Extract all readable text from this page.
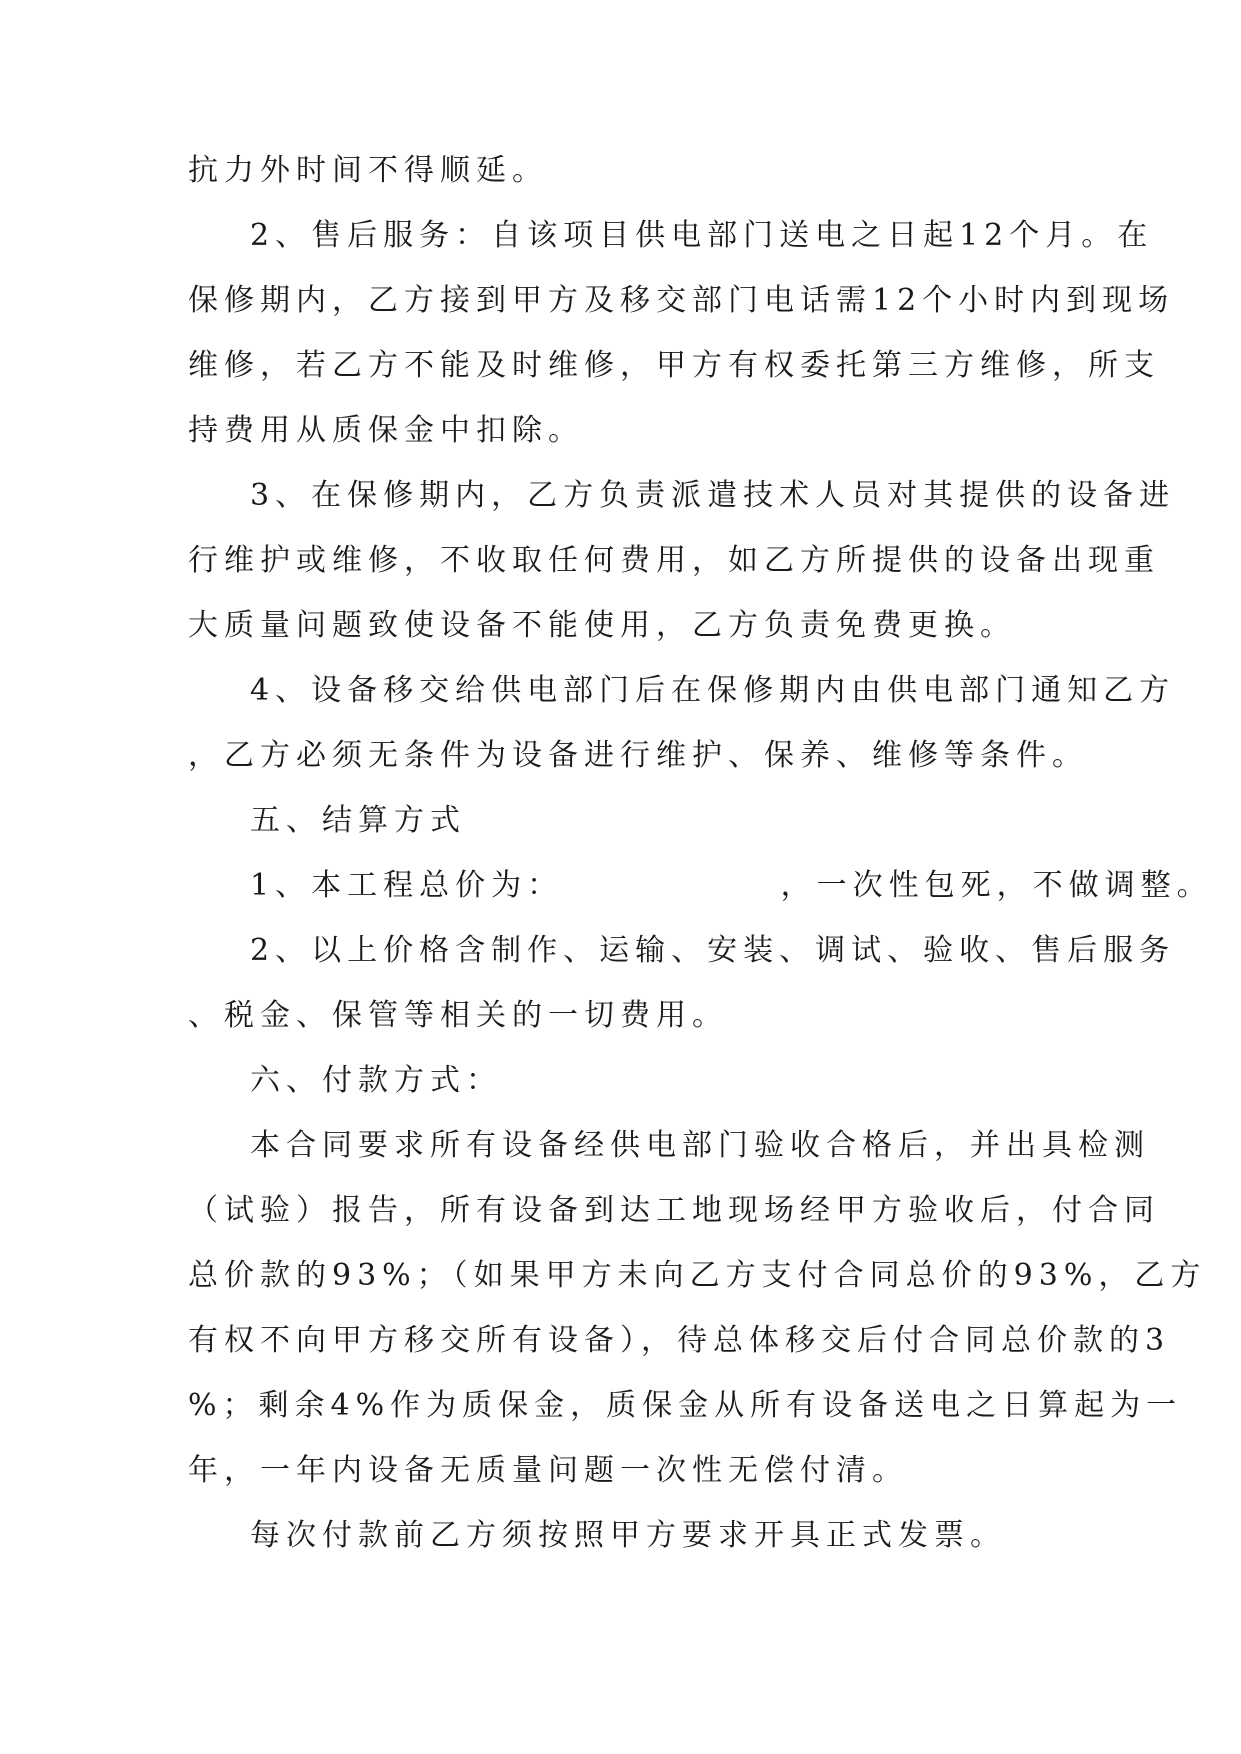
抗力外时间不得顺延。
2、售后服务：自该项目供电部门送电之日起12个月。在
保修期内，乙方接到甲方及移交部门电话需12个小时内到现场
维修，若乙方不能及时维修，甲方有权委托第三方维修，所支
持费用从质保金中扣除。
3、在保修期内，乙方负责派遣技术人员对其提供的设备进
行维护或维修，不收取任何费用，如乙方所提供的设备出现重
大质量问题致使设备不能使用，乙方负责免费更换。
4、设备移交给供电部门后在保修期内由供电部门通知乙方
，乙方必须无条件为设备进行维护、保养、维修等条件。
五、结算方式
1、本工程总价为：              ，一次性包死，不做调整。
2、以上价格含制作、运输、安装、调试、验收、售后服务
、税金、保管等相关的一切费用。
六、付款方式：
本合同要求所有设备经供电部门验收合格后，并出具检测
（试验）报告，所有设备到达工地现场经甲方验收后，付合同
总价款的93%；（如果甲方未向乙方支付合同总价的93%，乙方
有权不向甲方移交所有设备），待总体移交后付合同总价款的3
%；剩余4%作为质保金，质保金从所有设备送电之日算起为一
年，一年内设备无质量问题一次性无偿付清。
每次付款前乙方须按照甲方要求开具正式发票。
